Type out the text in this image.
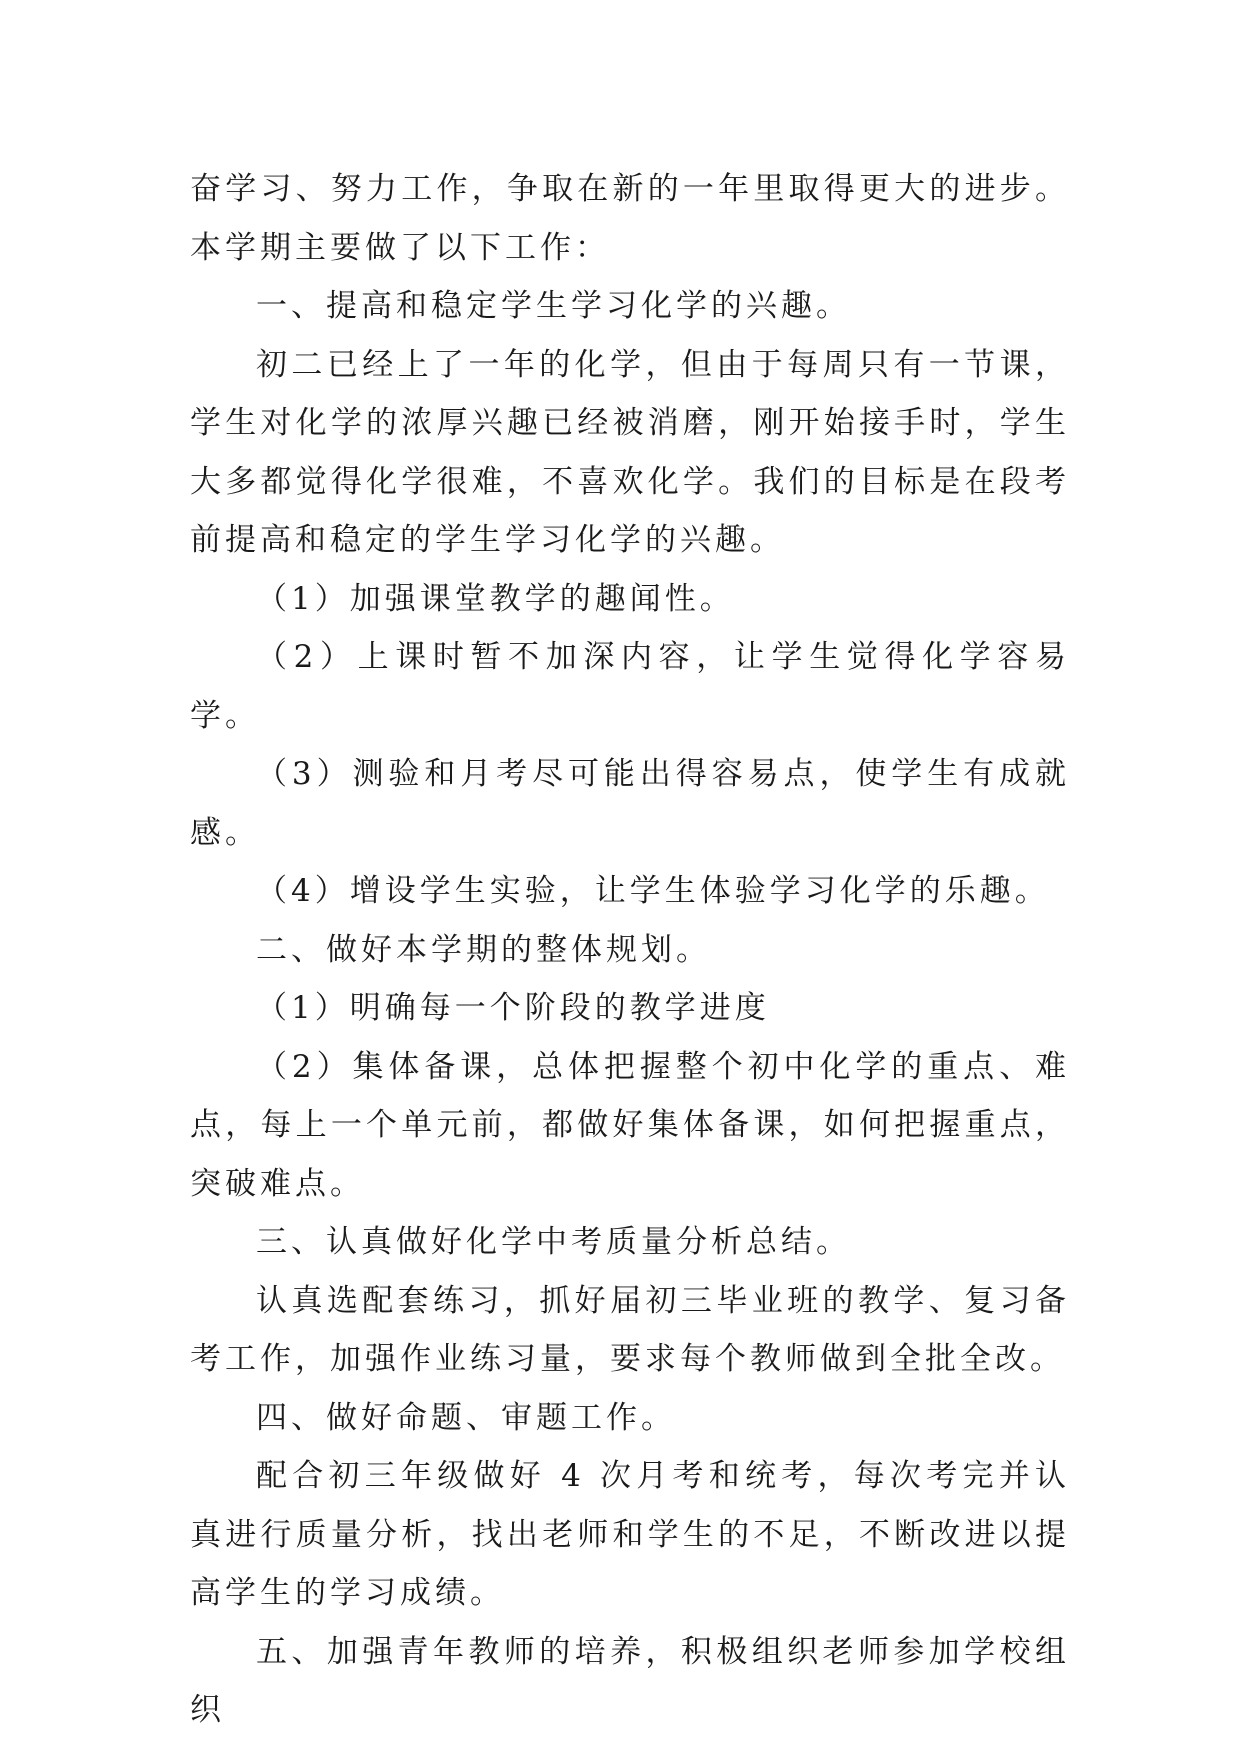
奋学习、努力工作，争取在新的一年里取得更大的进步。本学期主要做了以下工作：

一、提高和稳定学生学习化学的兴趣。

初二已经上了一年的化学，但由于每周只有一节课，学生对化学的浓厚兴趣已经被消磨，刚开始接手时，学生大多都觉得化学很难，不喜欢化学。我们的目标是在段考前提高和稳定的学生学习化学的兴趣。

（1）加强课堂教学的趣闻性。

（2）上课时暂不加深内容，让学生觉得化学容易学。

（3）测验和月考尽可能出得容易点，使学生有成就感。

（4）增设学生实验，让学生体验学习化学的乐趣。

二、做好本学期的整体规划。

（1）明确每一个阶段的教学进度

（2）集体备课，总体把握整个初中化学的重点、难点，每上一个单元前，都做好集体备课，如何把握重点，突破难点。

三、认真做好化学中考质量分析总结。

认真选配套练习，抓好届初三毕业班的教学、复习备考工作，加强作业练习量，要求每个教师做到全批全改。

四、做好命题、审题工作。

配合初三年级做好 4 次月考和统考，每次考完并认真进行质量分析，找出老师和学生的不足，不断改进以提高学生的学习成绩。

五、加强青年教师的培养，积极组织老师参加学校组织
